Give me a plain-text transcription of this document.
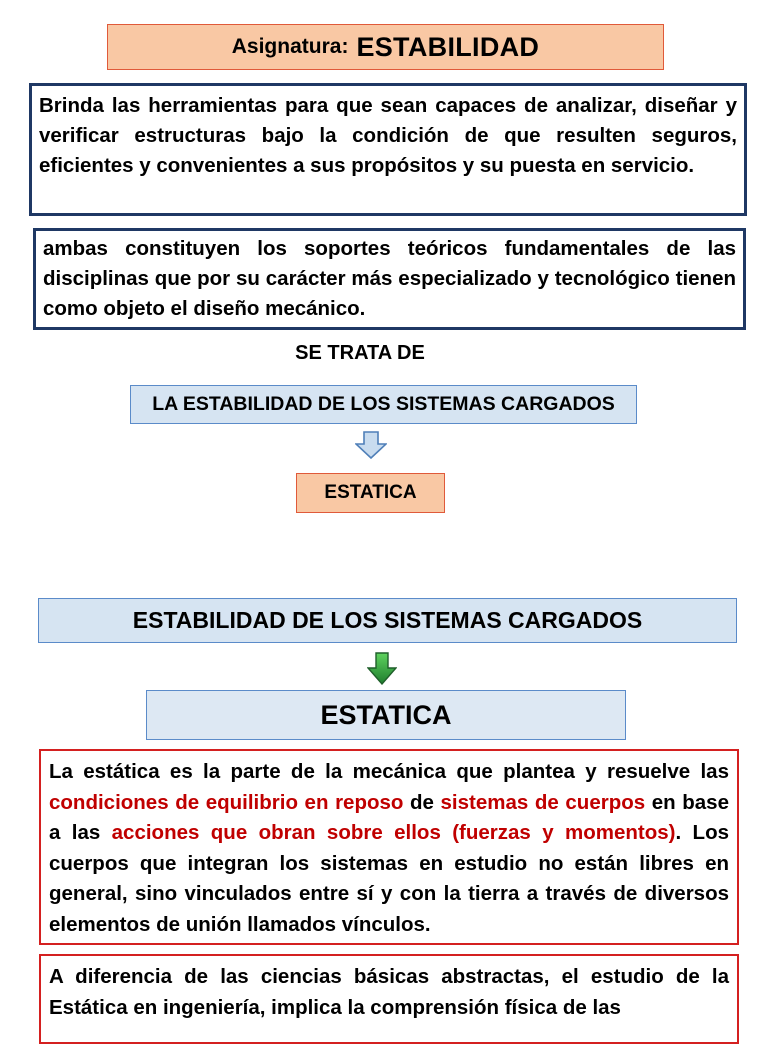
Asignatura : ESTABILIDAD

Brinda las herramientas para que sean capaces de analizar, diseñar y verificar estructuras bajo la condición de que resulten seguros, eficientes y convenientes a sus propósitos y su puesta en servicio.

ambas constituyen los soportes teóricos fundamentales de las disciplinas que por su carácter más especializado y tecnológico tienen como objeto el diseño mecánico.

SE TRATA DE
LA ESTABILIDAD DE LOS SISTEMAS CARGADOS
ESTATICA
ESTABILIDAD DE LOS SISTEMAS CARGADOS
ESTATICA

La estática es la parte de la mecánica que plantea y resuelve las condiciones de equilibrio en reposo de sistemas de cuerpos en base a las acciones que obran sobre ellos (fuerzas y momentos). Los cuerpos que integran los sistemas en estudio no están libres en general, sino vinculados entre sí y con la tierra a través de diversos elementos de unión llamados vínculos.

A diferencia de las ciencias básicas abstractas, el estudio de la Estática en ingeniería, implica la comprensión física de las
